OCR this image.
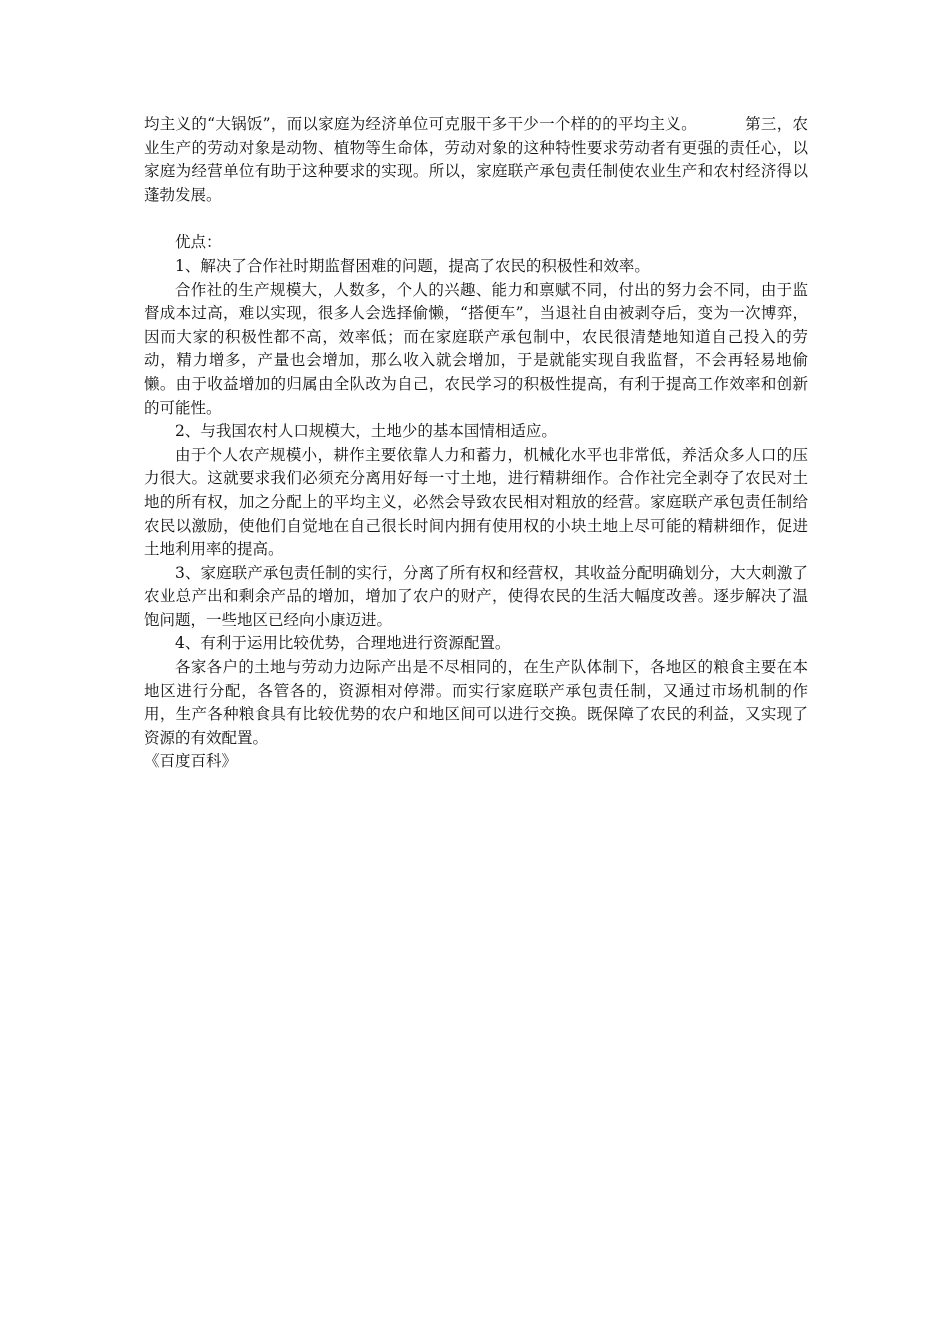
均主义的“大锅饭”，而以家庭为经济单位可克服干多干少一个样的的平均主义。	第三，农业生产的劳动对象是动物、植物等生命体，劳动对象的这种特性要求劳动者有更强的责任心，以家庭为经营单位有助于这种要求的实现。所以，家庭联产承包责任制使农业生产和农村经济得以蓬勃发展。

优点：

1、解决了合作社时期监督困难的问题，提高了农民的积极性和效率。

合作社的生产规模大，人数多，个人的兴趣、能力和禀赋不同，付出的努力会不同，由于监督成本过高，难以实现，很多人会选择偷懒，“搭便车”，当退社自由被剥夺后，变为一次博弈，因而大家的积极性都不高，效率低；而在家庭联产承包制中，农民很清楚地知道自己投入的劳动，精力增多，产量也会增加，那么收入就会增加，于是就能实现自我监督，不会再轻易地偷懒。由于收益增加的归属由全队改为自己，农民学习的积极性提高，有利于提高工作效率和创新的可能性。

2、与我国农村人口规模大，土地少的基本国情相适应。

由于个人农产规模小，耕作主要依靠人力和蓄力，机械化水平也非常低，养活众多人口的压力很大。这就要求我们必须充分离用好每一寸土地，进行精耕细作。合作社完全剥夺了农民对土地的所有权，加之分配上的平均主义，必然会导致农民相对粗放的经营。家庭联产承包责任制给农民以激励，使他们自觉地在自己很长时间内拥有使用权的小块土地上尽可能的精耕细作，促进土地利用率的提高。

3、家庭联产承包责任制的实行，分离了所有权和经营权，其收益分配明确划分，大大刺激了农业总产出和剩余产品的增加，增加了农户的财产，使得农民的生活大幅度改善。逐步解决了温饱问题，一些地区已经向小康迈进。

4、有利于运用比较优势，合理地进行资源配置。

各家各户的土地与劳动力边际产出是不尽相同的，在生产队体制下，各地区的粮食主要在本地区进行分配，各管各的，资源相对停滞。而实行家庭联产承包责任制，又通过市场机制的作用，生产各种粮食具有比较优势的农户和地区间可以进行交换。既保障了农民的利益，又实现了资源的有效配置。

《百度百科》
